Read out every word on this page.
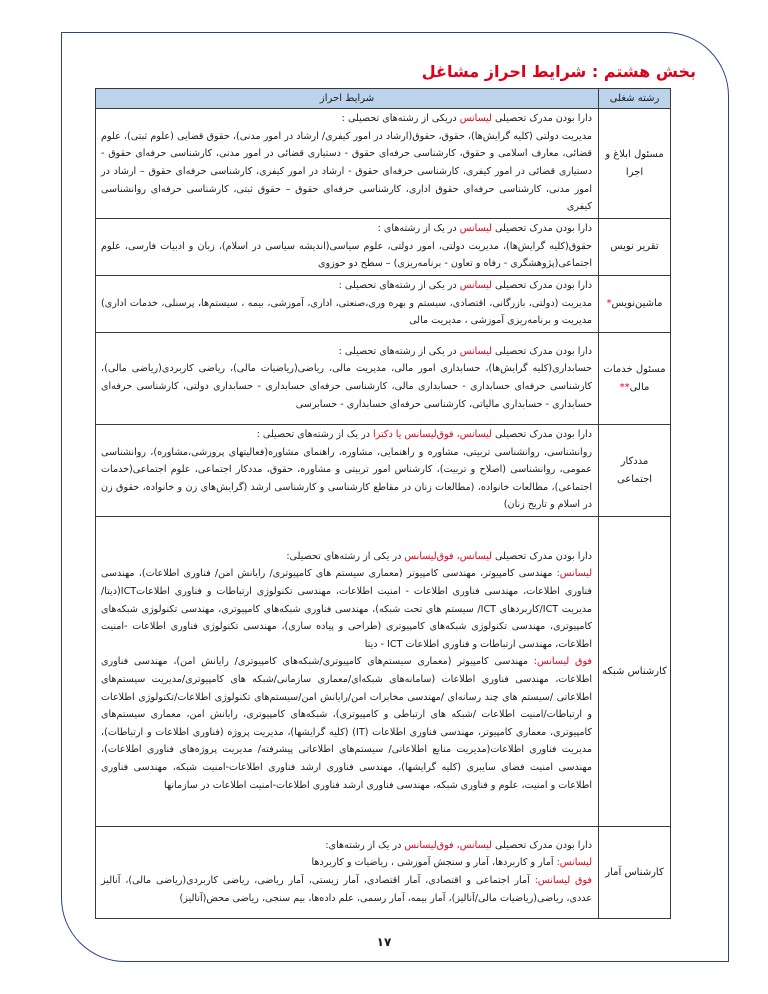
بخش هشتم : شرایط احراز مشاغل
رشته شغلی	شرایط احراز
مسئول ابلاغ و اجرا	دارا بودن مدرک تحصیلی لیسانس دریکی از رشته‌های تحصیلی :
مدیریت دولتی (کلیه گرایش‌ها)، حقوق، حقوق(ارشاد در امور کیفری/ ارشاد در امور مدنی)، حقوق قضایی (علوم ثبتی)، علوم قضائی، معارف اسلامی و حقوق، کارشناسی حرفه‌ای حقوق - دستیاری قضائی در امور مدنی، کارشناسی حرفه‌ای حقوق - دستیاری قضائی در امور کیفری، کارشناسی حرفه‌ای حقوق - ارشاد در امور کیفری، کارشناسی حرفه‌ای حقوق – ارشاد در امور مدنی، کارشناسی حرفه‌ای حقوق اداری، کارشناسی حرفه‌ای حقوق – حقوق ثبتی، کارشناسی حرفه‌ای روانشناسی کیفری

تقریر نویس	دارا بودن مدرک تحصیلی لیسانس در یک از رشته‌های :
حقوق(کلیه گرایش‌ها)، مدیریت دولتی، امور دولتی، علوم سیاسی(اندیشه سیاسی در اسلام)، زبان و ادبیات فارسی، علوم اجتماعی(پژوهشگری - رفاه و تعاون - برنامه‌ریزی) – سطح دو حوزوی

ماشین‌نویس*	دارا بودن مدرک تحصیلی لیسانس در یکی از رشته‌های تحصیلی :
مدیریت (دولتی، بازرگانی، اقتصادی، سیستم و بهره وری،صنعتی، اداری، آموزشی، بیمه ، سیستم‌ها، پرسنلی، خدمات اداری) مدیریت و برنامه‌ریزی آموزشی ، مدیریت مالی

مسئول خدمات مالی**	دارا بودن مدرک تحصیلی لیسانس در یکی از رشته‌های تحصیلی :
حسابداری(کلیه گرایش‌ها)، حسابداری امور مالی، مدیریت مالی، ریاضی(ریاضیات مالی)، ریاضی کاربردی(ریاضی مالی)، کارشناسی حرفه‌ای حسابداری - حسابداری مالی، کارشناسی حرفه‌ای حسابداری - حسابداری دولتی، کارشناسی حرفه‌ای حسابداری - حسابداری مالیاتی، کارشناسی حرفه‌ای حسابداری - حسابرسی

مددکار اجتماعی	دارا بودن مدرک تحصیلی لیسانس، فوق‌لیسانس یا دکترا در یک از رشته‌های تحصیلی :
روانشناسی، روانشناسی تربیتی، مشاوره و راهنمایی، مشاوره، راهنمای مشاوره(فعالیتهای پرورشی،مشاوره)، روانشناسی عمومی، روانشناسی (اصلاح و تربیت)، کارشناس امور تربیتی و مشاوره، حقوق، مددکار اجتماعی، علوم اجتماعی(خدمات اجتماعی)، مطالعات خانواده، (مطالعات زنان در مقاطع کارشناسی و کارشناسی ارشد (گرایش‌های زن و خانواده، حقوق زن در اسلام و تاریخ زنان)

کارشناس شبکه	دارا بودن مدرک تحصیلی لیسانس، فوق‌لیسانس در یکی از رشته‌های تحصیلی:
لیسانس: مهندسی کامپیوتر، مهندسی کامپیوتر (معماری سیستم های کامپیوتری/ رایانش امن/ فناوری اطلاعات)، مهندسی فناوری اطلاعات، مهندسی فناوری اطلاعات - امنیت اطلاعات، مهندسی تکنولوژی ارتباطات و فناوری اطلاعاتICT(دیتا/ مدیریت ICT/کاربردهای ICT/ سیستم های تحت شبکه)، مهندسی فناوری شبکه‌های کامپیوتری، مهندسی تکنولوژی شبکه‌های کامپیوتری، مهندسی تکنولوژی شبکه‌های کامپیوتری (طراحی و پیاده سازی)، مهندسی تکنولوژی فناوری اطلاعات -امنیت اطلاعات، مهندسی ارتباطات و فناوری اطلاعات ICT - دیتا
فوق لیسانس: مهندسی کامپیوتر (معماری سیستم‌های کامپیوتری/شبکه‌های کامپیوتری/ رایانش امن)، مهندسی فناوری اطلاعات، مهندسی فناوری اطلاعات (سامانه‌های شبکه‌ای/معماری سازمانی/شبکه های کامپیوتری/مدیریت سیستم‌های اطلاعاتی /سیستم های چند رسانه‌ای /مهندسی مخابرات امن/رایانش امن/سیستم‌های تکنولوژی اطلاعات/تکنولوژی اطلاعات و ارتباطات/امنیت اطلاعات /شبکه های ارتباطی و کامپیوتری)، شبکه‌های کامپیوتری، رایانش امن، معماری سیستم‌های کامپیوتری، معماری کامپیوتر، مهندسی فناوری اطلاعات (IT) (کلیه گرایشها)، مدیریت پروژه (فناوری اطلاعات و ارتباطات)، مدیریت فناوری اطلاعات(مدیریت منابع اطلاعاتی/ سیستم‌های اطلاعاتی پیشرفته/ مدیریت پروژه‌های فناوری اطلاعات)، مهندسی امنیت فضای سایبری (کلیه گرایشها)، مهندسی فناوری ارشد فناوری اطلاعات-امنیت شبکه، مهندسی فناوری اطلاعات و امنیت، علوم و فناوری شبکه، مهندسی فناوری ارشد فناوری اطلاعات-امنیت اطلاعات در سازمانها

کارشناس آمار	دارا بودن مدرک تحصیلی لیسانس، فوق‌لیسانس در یک از رشته‌های:
لیسانس: آمار و کاربردها، آمار و سنجش آموزشی ، ریاضیات و کاربردها
فوق لیسانس: آمار اجتماعی و اقتصادی، آمار اقتصادی، آمار زیستی، آمار ریاضی، ریاضی کاربردی(ریاضی مالی)، آنالیز عددی، ریاضی(ریاضیات مالی/آنالیز)، آمار بیمه، آمار رسمی، علم داده‌ها، بیم سنجی، ریاضی محض(آنالیز)
۱۷
